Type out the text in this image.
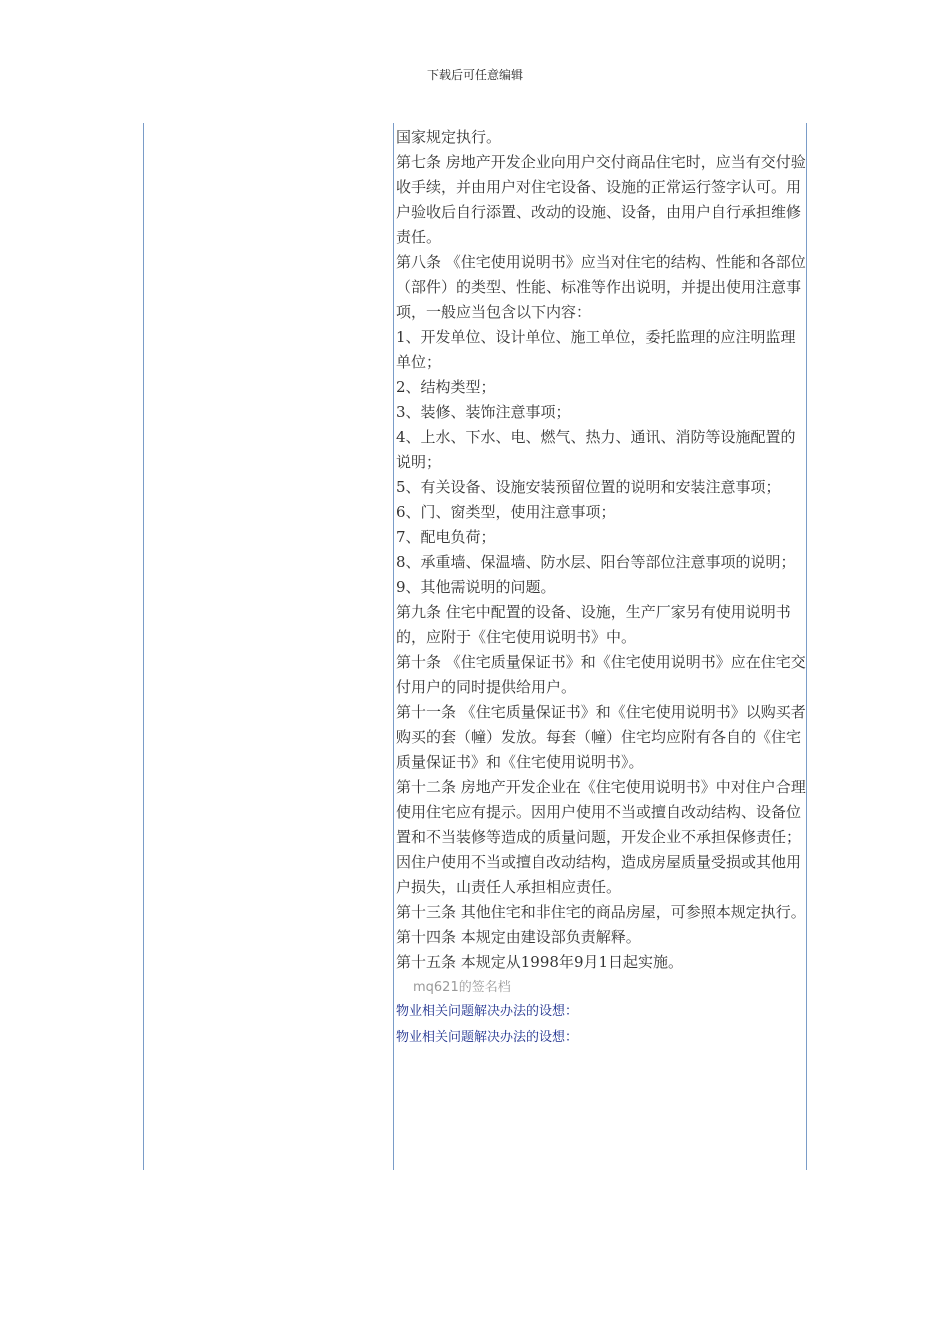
下载后可任意编辑

国家规定执行。

第七条 房地产开发企业向用户交付商品住宅时，应当有交付验收手续，并由用户对住宅设备、设施的正常运行签字认可。用户验收后自行添置、改动的设施、设备，由用户自行承担维修责任。

第八条 《住宅使用说明书》应当对住宅的结构、性能和各部位（部件）的类型、性能、标准等作出说明，并提出使用注意事项，一般应当包含以下内容：

1、开发单位、设计单位、施工单位，委托监理的应注明监理单位；

2、结构类型；

3、装修、装饰注意事项；

4、上水、下水、电、燃气、热力、通讯、消防等设施配置的说明；

5、有关设备、设施安装预留位置的说明和安装注意事项；

6、门、窗类型，使用注意事项；

7、配电负荷；

8、承重墙、保温墙、防水层、阳台等部位注意事项的说明；

9、其他需说明的问题。

第九条 住宅中配置的设备、设施，生产厂家另有使用说明书的，应附于《住宅使用说明书》中。

第十条 《住宅质量保证书》和《住宅使用说明书》应在住宅交付用户的同时提供给用户。

第十一条 《住宅质量保证书》和《住宅使用说明书》以购买者购买的套（幢）发放。每套（幢）住宅均应附有各自的《住宅质量保证书》和《住宅使用说明书》。

第十二条 房地产开发企业在《住宅使用说明书》中对住户合理使用住宅应有提示。因用户使用不当或擅自改动结构、设备位置和不当装修等造成的质量问题，开发企业不承担保修责任；因住户使用不当或擅自改动结构，造成房屋质量受损或其他用户损失，山责任人承担相应责任。

第十三条 其他住宅和非住宅的商品房屋，可参照本规定执行。

第十四条 本规定由建设部负责解释。

第十五条 本规定从1998年9月1日起实施。

mq621的签名档

物业相关问题解决办法的设想：

物业相关问题解决办法的设想：
